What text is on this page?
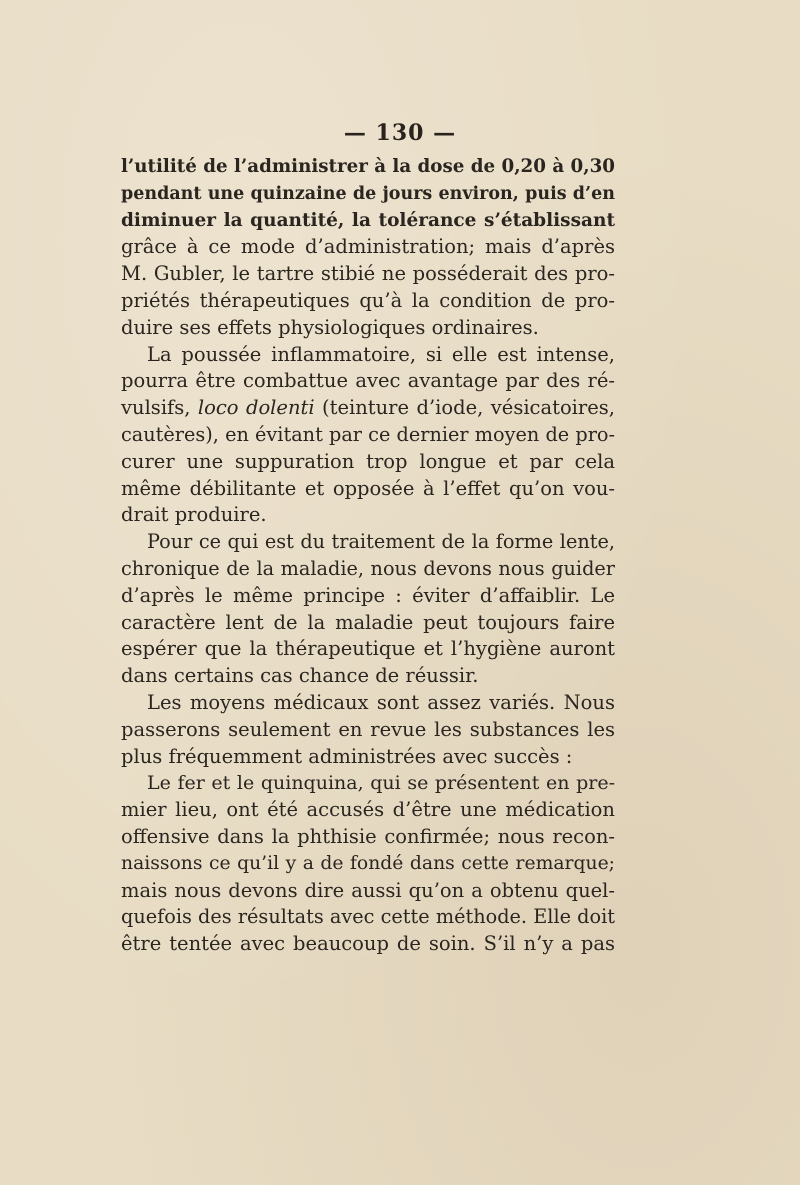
— 130 —
l’utilité de l’administrer à la dose de 0,20 à 0,30
pendant une quinzaine de jours environ, puis d’en
diminuer la quantité, la tolérance s’établissant
grâce à ce mode d’administration; mais d’après
M. Gubler, le tartre stibié ne posséderait des pro-
priétés thérapeutiques qu’à la condition de pro-
duire ses effets physiologiques ordinaires.
La poussée inflammatoire, si elle est intense,
pourra être combattue avec avantage par des ré-
vulsifs, loco dolenti (teinture d’iode, vésicatoires,
cautères), en évitant par ce dernier moyen de pro-
curer une suppuration trop longue et par cela
même débilitante et opposée à l’effet qu’on vou-
drait produire.
Pour ce qui est du traitement de la forme lente,
chronique de la maladie, nous devons nous guider
d’après le même principe : éviter d’affaiblir. Le
caractère lent de la maladie peut toujours faire
espérer que la thérapeutique et l’hygiène auront
dans certains cas chance de réussir.
Les moyens médicaux sont assez variés. Nous
passerons seulement en revue les substances les
plus fréquemment administrées avec succès :
Le fer et le quinquina, qui se présentent en pre-
mier lieu, ont été accusés d’être une médication
offensive dans la phthisie confirmée; nous recon-
naissons ce qu’il y a de fondé dans cette remarque;
mais nous devons dire aussi qu’on a obtenu quel-
quefois des résultats avec cette méthode. Elle doit
être tentée avec beaucoup de soin. S’il n’y a pas
